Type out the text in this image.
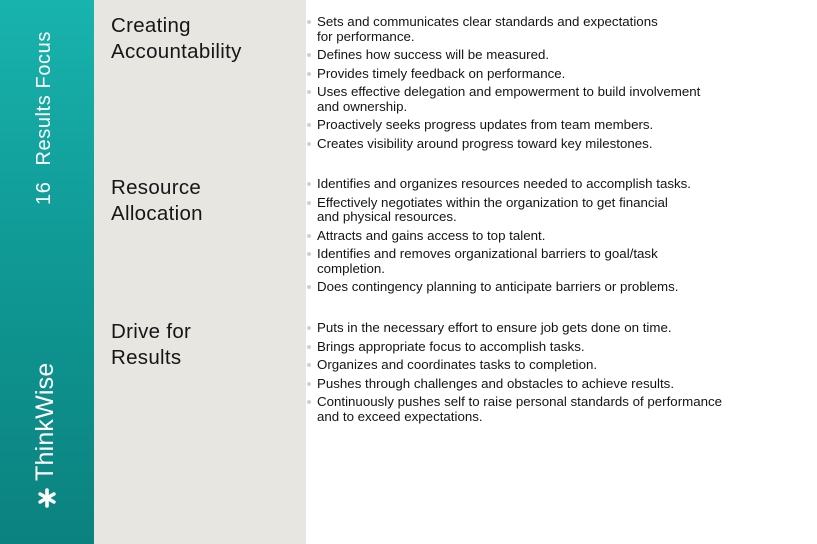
16Results Focus
ThinkWise
Creating
Accountability
Resource
Allocation
Drive for
Results
Sets and communicates clear standards and expectations
for performance.
Defines how success will be measured.
Provides timely feedback on performance.
Uses effective delegation and empowerment to build involvement
and ownership.
Proactively seeks progress updates from team members.
Creates visibility around progress toward key milestones.
Identifies and organizes resources needed to accomplish tasks.
Effectively negotiates within the organization to get financial
and physical resources.
Attracts and gains access to top talent.
Identifies and removes organizational barriers to goal/task
completion.
Does contingency planning to anticipate barriers or problems.
Puts in the necessary effort to ensure job gets done on time.
Brings appropriate focus to accomplish tasks.
Organizes and coordinates tasks to completion.
Pushes through challenges and obstacles to achieve results.
Continuously pushes self to raise personal standards of performance
and to exceed expectations.
